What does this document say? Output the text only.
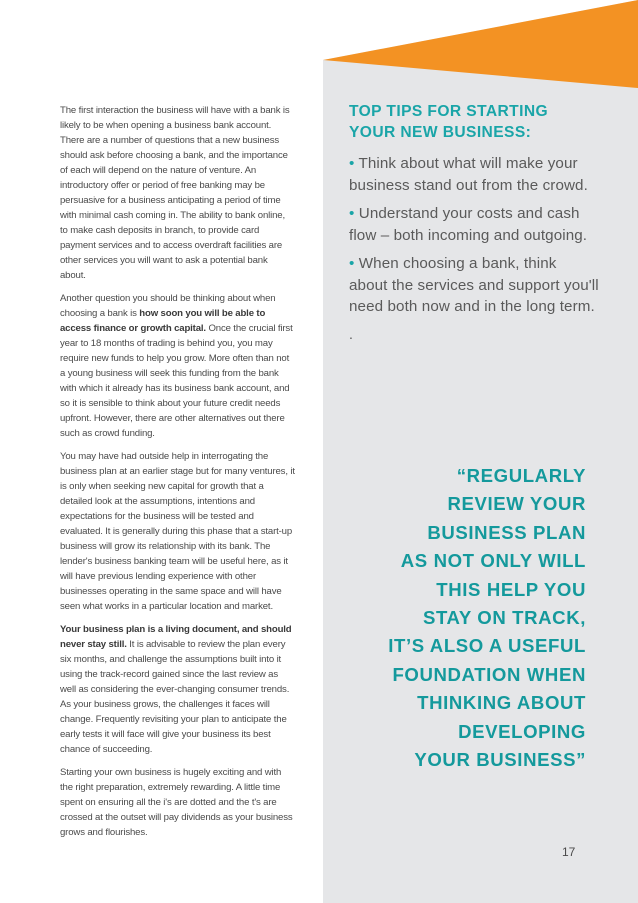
The first interaction the business will have with a bank is likely to be when opening a business bank account. There are a number of questions that a new business should ask before choosing a bank, and the importance of each will depend on the nature of venture. An introductory offer or period of free banking may be persuasive for a business anticipating a period of time with minimal cash coming in. The ability to bank online, to make cash deposits in branch, to provide card payment services and to access overdraft facilities are other services you will want to ask a potential bank about.

Another question you should be thinking about when choosing a bank is how soon you will be able to access finance or growth capital. Once the crucial first year to 18 months of trading is behind you, you may require new funds to help you grow. More often than not a young business will seek this funding from the bank with which it already has its business bank account, and so it is sensible to think about your future credit needs upfront. However, there are other alternatives out there such as crowd funding.

You may have had outside help in interrogating the business plan at an earlier stage but for many ventures, it is only when seeking new capital for growth that a detailed look at the assumptions, intentions and expectations for the business will be tested and evaluated. It is generally during this phase that a start-up business will grow its relationship with its bank. The lender's business banking team will be useful here, as it will have previous lending experience with other businesses operating in the same space and will have seen what works in a particular location and market.

Your business plan is a living document, and should never stay still. It is advisable to review the plan every six months, and challenge the assumptions built into it using the track-record gained since the last review as well as considering the ever-changing consumer trends. As your business grows, the challenges it faces will change. Frequently revisiting your plan to anticipate the early tests it will face will give your business its best chance of succeeding.

Starting your own business is hugely exciting and with the right preparation, extremely rewarding. A little time spent on ensuring all the i's are dotted and the t's are crossed at the outset will pay dividends as your business grows and flourishes.

TOP TIPS FOR STARTING YOUR NEW BUSINESS:
• Think about what will make your business stand out from the crowd.
• Understand your costs and cash flow – both incoming and outgoing.
• When choosing a bank, think about the services and support you'll need both now and in the long term.
.
“REGULARLY
REVIEW YOUR
BUSINESS PLAN
AS NOT ONLY WILL
THIS HELP YOU
STAY ON TRACK,
IT’S ALSO A USEFUL
FOUNDATION WHEN
THINKING ABOUT
DEVELOPING
YOUR BUSINESS”
17
